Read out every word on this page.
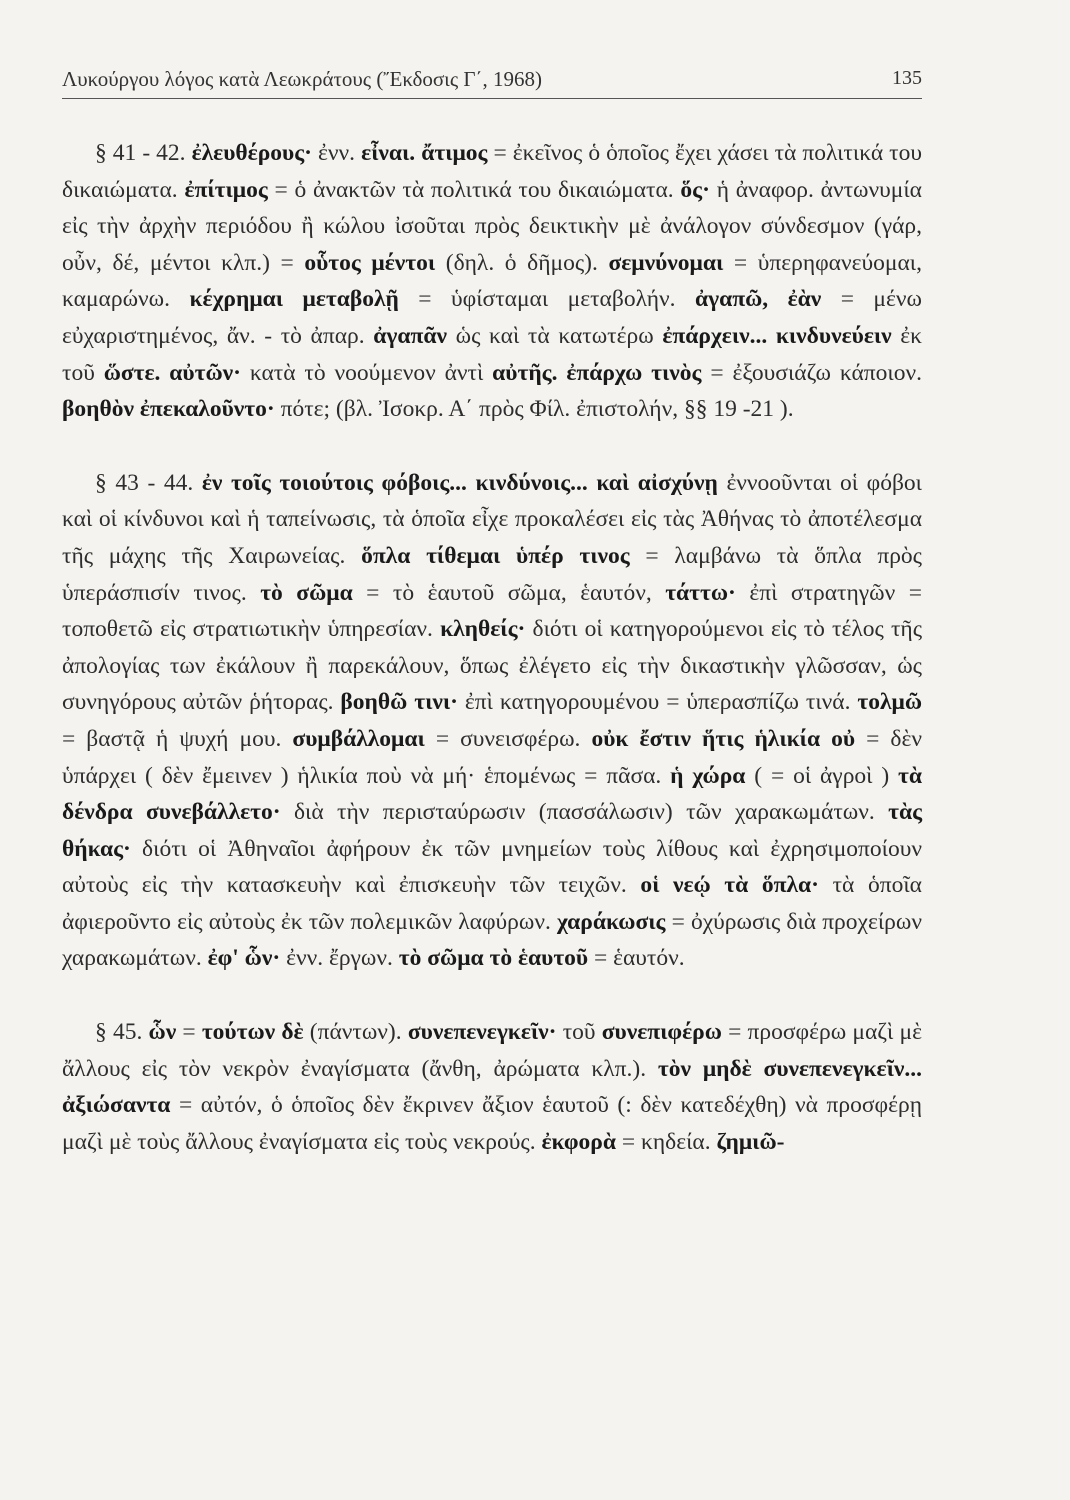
Λυκούργου λόγος κατὰ Λεωκράτους (Ἔκδοσις Γ΄, 1968)	135

§ 41 - 42. ἐλευθέρους· ἐνν. εἶναι. ἄτιμος = ἐκεῖνος ὁ ὁποῖος ἔχει χάσει τὰ πολιτικά του δικαιώματα. ἐπίτιμος = ὁ ἀνακτῶν τὰ πολιτικά του δικαιώματα. ὅς· ἡ ἀναφορ. ἀντωνυμία εἰς τὴν ἀρχὴν περιόδου ἢ κώλου ἰσοῦται πρὸς δεικτικὴν μὲ ἀνάλογον σύνδεσμον (γάρ, οὖν, δέ, μέντοι κλπ.) = οὗτος μέντοι (δηλ. ὁ δῆμος). σεμνύνομαι = ὑπερηφανεύομαι, καμαρώνω. κέχρημαι μεταβολῇ = ὑφίσταμαι μεταβολήν. ἀγαπῶ, ἐὰν = μένω εὐχαριστημένος, ἄν. - τὸ ἀπαρ. ἀγαπᾶν ὡς καὶ τὰ κατωτέρω ἐπάρχειν... κινδυνεύειν ἐκ τοῦ ὥστε. αὐτῶν· κατὰ τὸ νοούμενον ἀντὶ αὐτῆς. ἐπάρχω τινὸς = ἐξουσιάζω κάποιον. βοηθὸν ἐπεκαλοῦντο· πότε; (βλ. Ἰσοκρ. Α΄ πρὸς Φίλ. ἐπιστολήν, §§ 19 -21 ).

§ 43 - 44. ἐν τοῖς τοιούτοις φόβοις... κινδύνοις... καὶ αἰσχύνῃ ἐννοοῦνται οἱ φόβοι καὶ οἱ κίνδυνοι καὶ ἡ ταπείνωσις, τὰ ὁποῖα εἶχε προκαλέσει εἰς τὰς Ἀθήνας τὸ ἀποτέλεσμα τῆς μάχης τῆς Χαιρωνείας. ὅπλα τίθεμαι ὑπέρ τινος = λαμβάνω τὰ ὅπλα πρὸς ὑπεράσπισίν τινος. τὸ σῶμα = τὸ ἑαυτοῦ σῶμα, ἑαυτόν, τάττω· ἐπὶ στρατηγῶν = τοποθετῶ εἰς στρατιωτικὴν ὑπηρεσίαν. κληθείς· διότι οἱ κατηγορούμενοι εἰς τὸ τέλος τῆς ἀπολογίας των ἐκάλουν ἢ παρεκάλουν, ὅπως ἐλέγετο εἰς τὴν δικαστικὴν γλῶσσαν, ὡς συνηγόρους αὐτῶν ῥήτορας. βοηθῶ τινι· ἐπὶ κατηγορουμένου = ὑπερασπίζω τινά. τολμῶ = βαστᾷ ἡ ψυχή μου. συμβάλλομαι = συνεισφέρω. οὐκ ἔστιν ἥτις ἡλικία οὐ = δὲν ὑπάρχει ( δὲν ἔμεινεν ) ἡλικία ποὺ νὰ μή· ἑπομένως = πᾶσα. ἡ χώρα ( = οἱ ἀγροὶ ) τὰ δένδρα συνεβάλλετο· διὰ τὴν περισταύρωσιν (πασσάλωσιν) τῶν χαρακωμάτων. τὰς θήκας· διότι οἱ Ἀθηναῖοι ἀφήρουν ἐκ τῶν μνημείων τοὺς λίθους καὶ ἐχρησιμοποίουν αὐτοὺς εἰς τὴν κατασκευὴν καὶ ἐπισκευὴν τῶν τειχῶν. οἱ νεῴ τὰ ὅπλα· τὰ ὁποῖα ἀφιεροῦντο εἰς αὐτοὺς ἐκ τῶν πολεμικῶν λαφύρων. χαράκωσις = ὀχύρωσις διὰ προχείρων χαρακωμάτων. ἐφ' ὧν· ἐνν. ἔργων. τὸ σῶμα τὸ ἑαυτοῦ = ἑαυτόν.

§ 45. ὧν = τούτων δὲ (πάντων). συνεπενεγκεῖν· τοῦ συνεπιφέρω = προσφέρω μαζὶ μὲ ἄλλους εἰς τὸν νεκρὸν ἐναγίσματα (ἄνθη, ἀρώματα κλπ.). τὸν μηδὲ συνεπενεγκεῖν... ἀξιώσαντα = αὐτόν, ὁ ὁποῖος δὲν ἔκρινεν ἄξιον ἑαυτοῦ (: δὲν κατεδέχθη) νὰ προσφέρῃ μαζὶ μὲ τοὺς ἄλλους ἐναγίσματα εἰς τοὺς νεκρούς. ἐκφορὰ = κηδεία. ζημιῶ-
